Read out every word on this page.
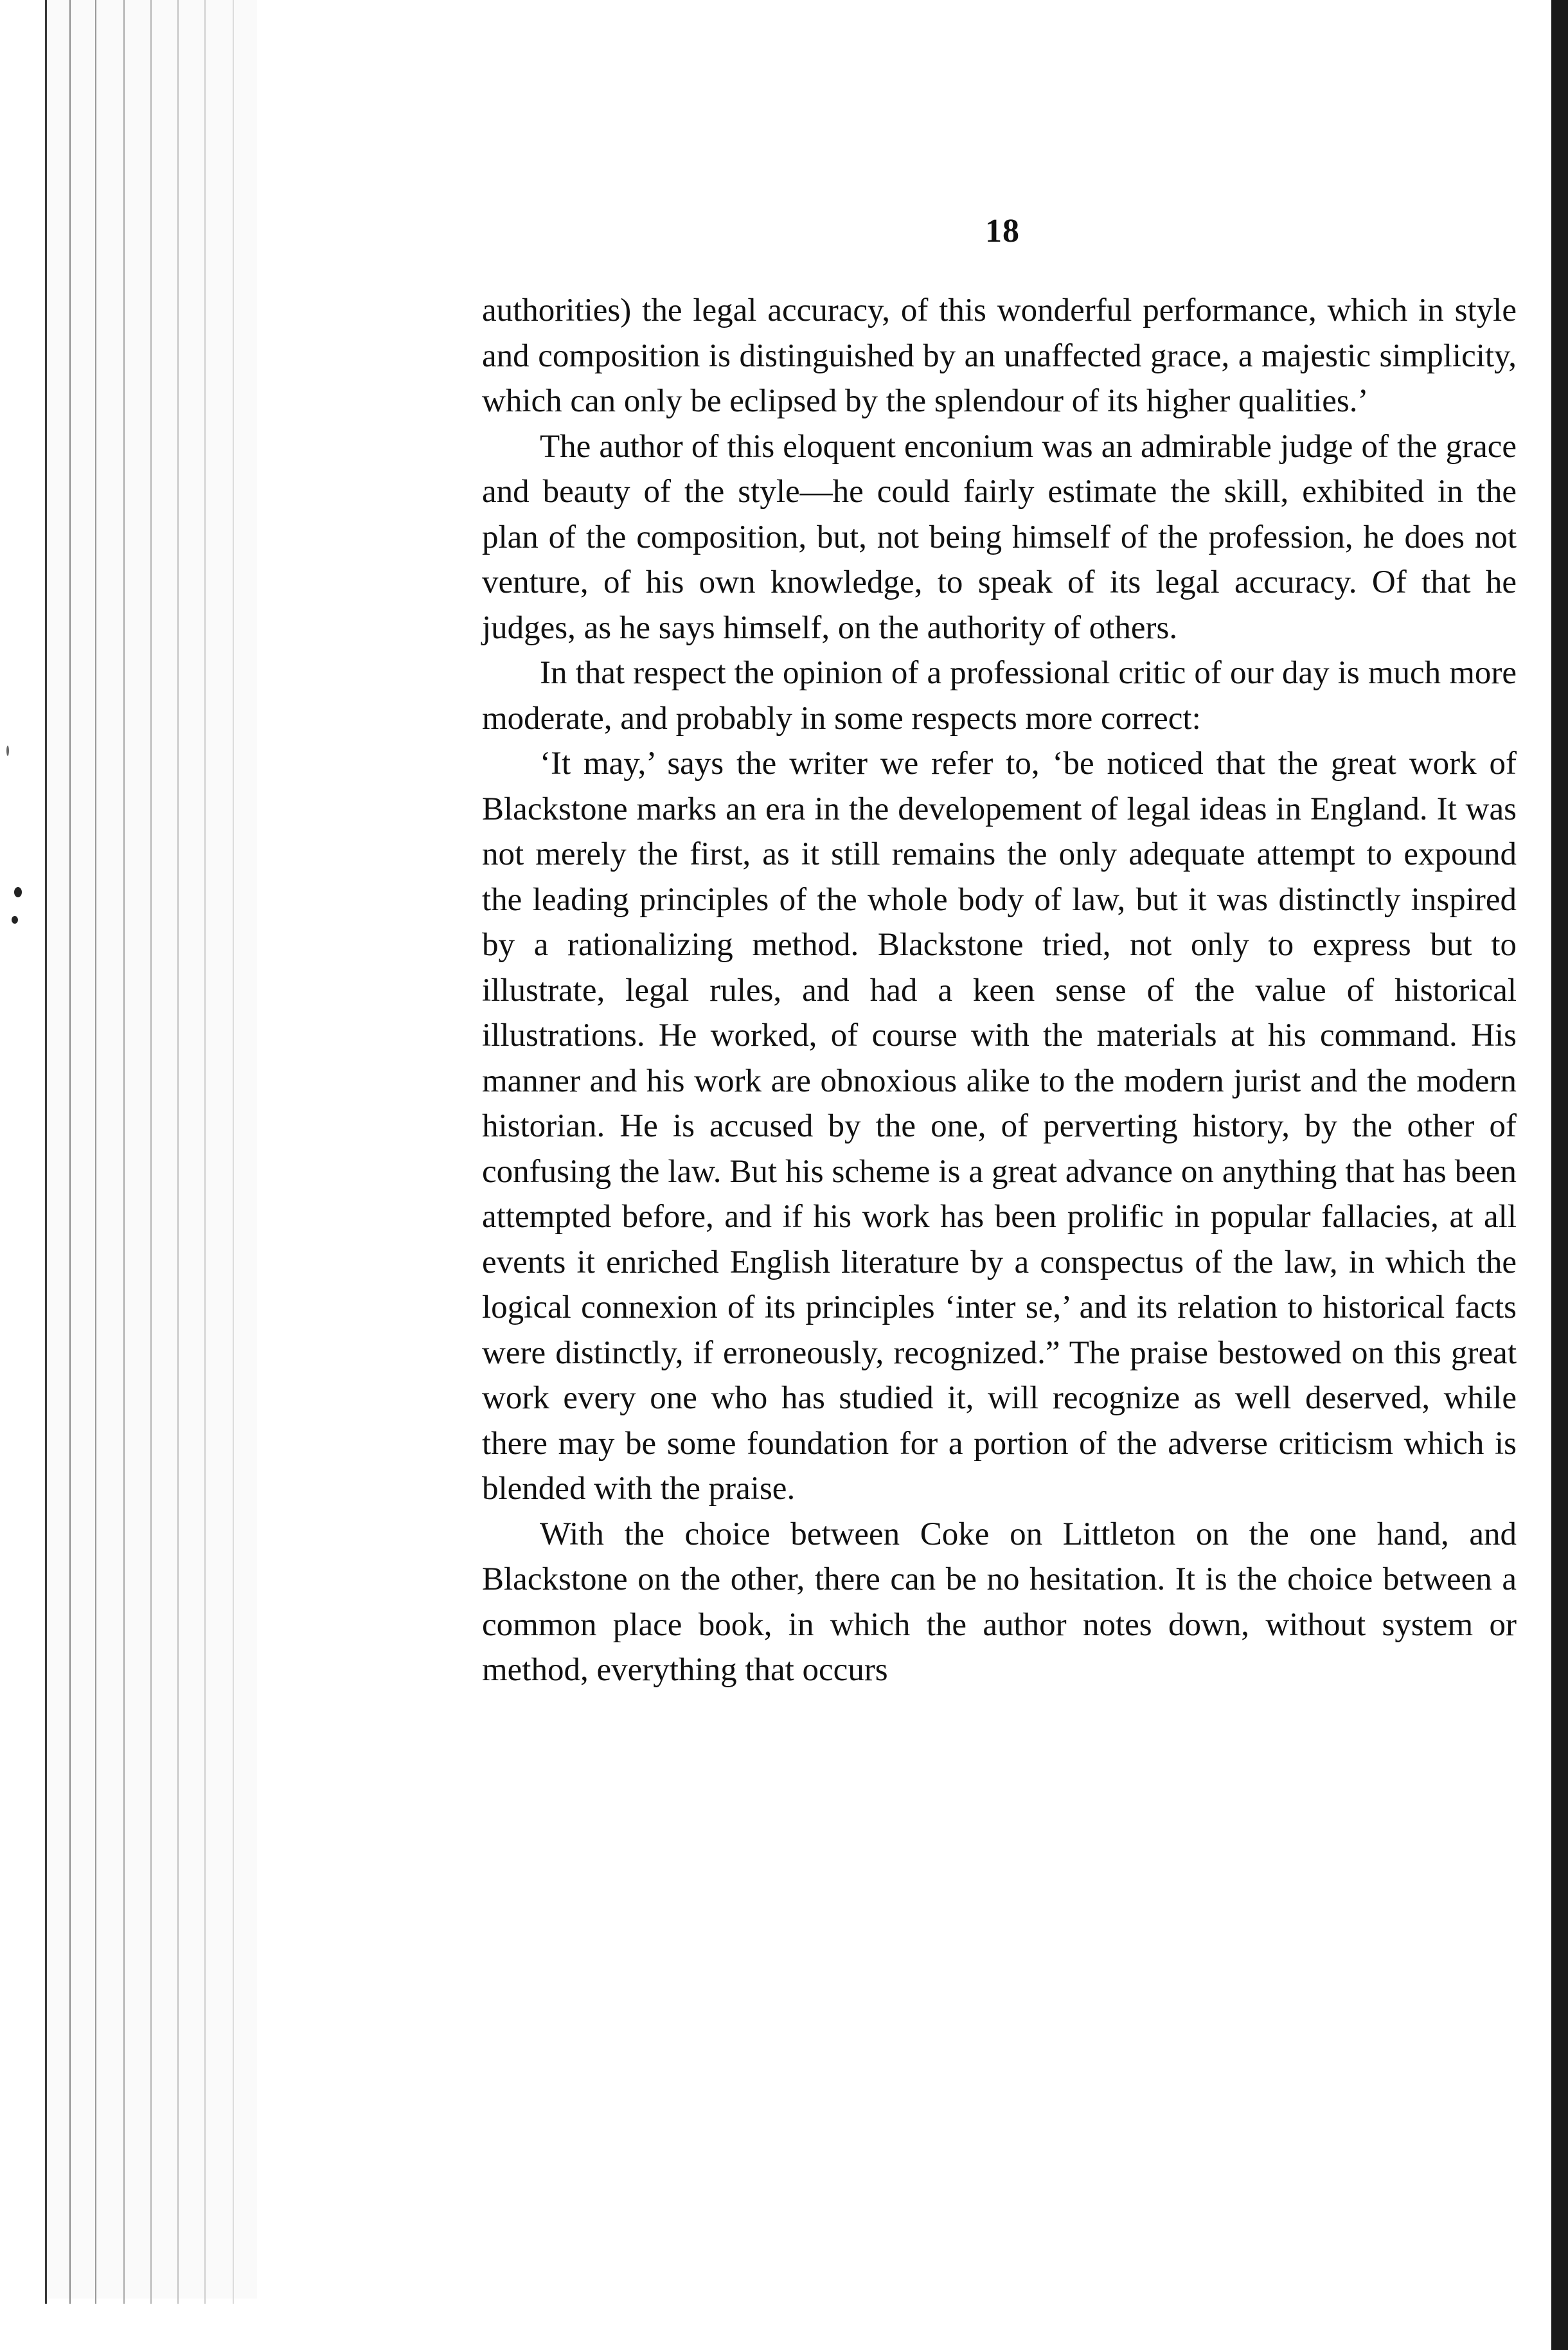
18

authorities) the legal accuracy, of this wonderful performance, which in style and composition is distinguished by an unaffected grace, a majestic simplicity, which can only be eclipsed by the splendour of its higher qualities.’

The author of this eloquent enconium was an admirable judge of the grace and beauty of the style—he could fairly estimate the skill, exhibited in the plan of the composition, but, not being himself of the profession, he does not venture, of his own knowledge, to speak of its legal accuracy. Of that he judges, as he says himself, on the authority of others.

In that respect the opinion of a professional critic of our day is much more moderate, and probably in some respects more correct:

‘It may,’ says the writer we refer to, ‘be noticed that the great work of Blackstone marks an era in the developement of legal ideas in England. It was not merely the first, as it still remains the only adequate attempt to expound the leading principles of the whole body of law, but it was distinctly inspired by a rationalizing method. Blackstone tried, not only to express but to illustrate, legal rules, and had a keen sense of the value of historical illustrations. He worked, of course with the materials at his command. His manner and his work are obnoxious alike to the modern jurist and the modern historian. He is accused by the one, of perverting history, by the other of confusing the law. But his scheme is a great advance on anything that has been attempted before, and if his work has been prolific in popular fallacies, at all events it enriched English literature by a conspectus of the law, in which the logical connexion of its principles ‘inter se,’ and its relation to historical facts were distinctly, if erroneously, recognized.” The praise bestowed on this great work every one who has studied it, will recognize as well deserved, while there may be some foundation for a portion of the adverse criticism which is blended with the praise.

With the choice between Coke on Littleton on the one hand, and Blackstone on the other, there can be no hesitation. It is the choice between a common place book, in which the author notes down, without system or method, everything that occurs
